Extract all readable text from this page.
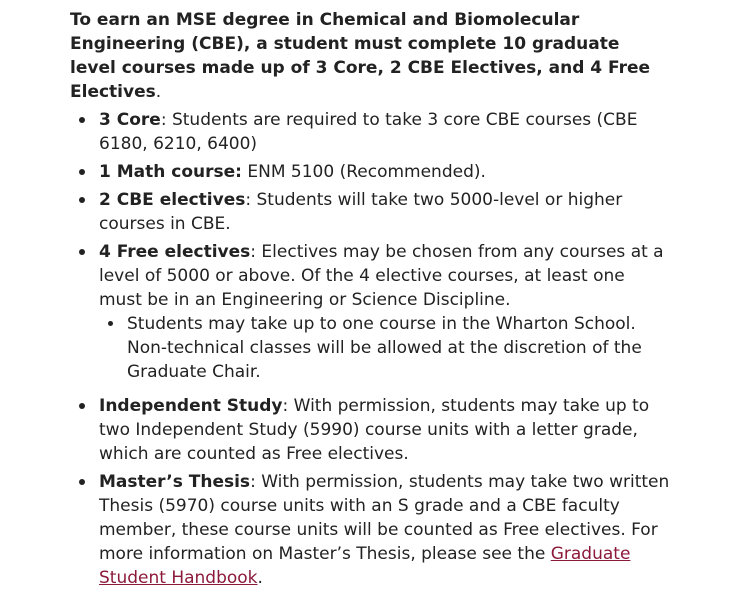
To earn an MSE degree in Chemical and Biomolecular Engineering (CBE), a student must complete 10 graduate level courses made up of 3 Core, 2 CBE Electives, and 4 Free Electives.

3 Core: Students are required to take 3 core CBE courses (CBE 6180, 6210, 6400)
1 Math course: ENM 5100 (Recommended).
2 CBE electives: Students will take two 5000-level or higher courses in CBE.
4 Free electives: Electives may be chosen from any courses at a level of 5000 or above. Of the 4 elective courses, at least one must be in an Engineering or Science Discipline.
Students may take up to one course in the Wharton School. Non-technical classes will be allowed at the discretion of the Graduate Chair.
Independent Study: With permission, students may take up to two Independent Study (5990) course units with a letter grade, which are counted as Free electives.
Master’s Thesis: With permission, students may take two written Thesis (5970) course units with an S grade and a CBE faculty member, these course units will be counted as Free electives. For more information on Master’s Thesis, please see the Graduate Student Handbook.
